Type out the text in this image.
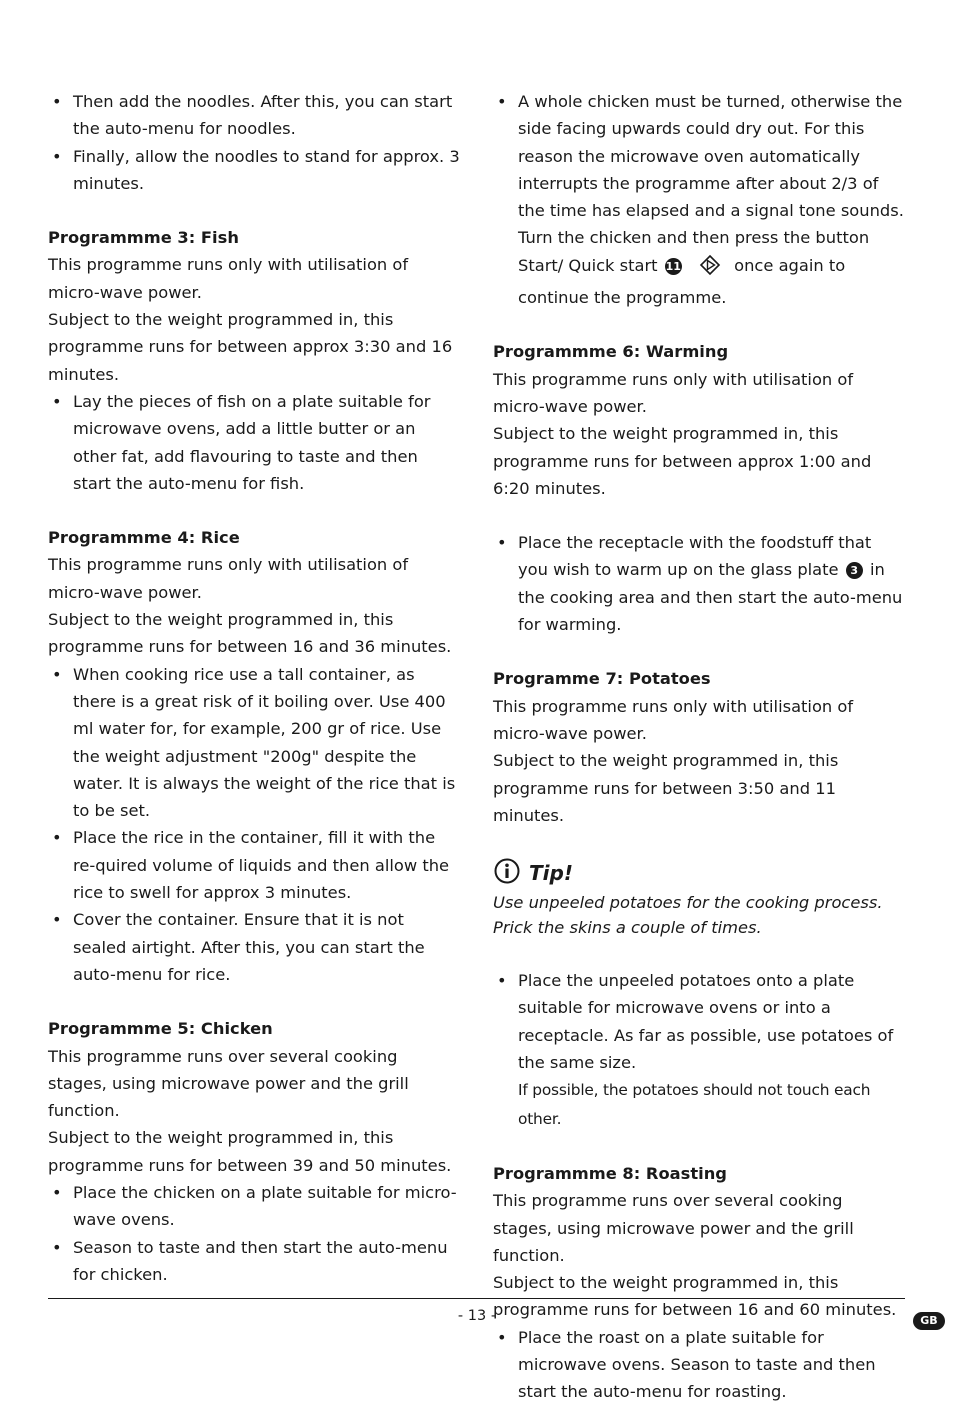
• Then add the noodles. After this, you can start the auto-menu for noodles.
• Finally, allow the noodles to stand for approx. 3 minutes.

Programmme 3: Fish

This programme runs only with utilisation of micro-wave power.

Subject to the weight programmed in, this programme runs for between approx 3:30 and 16 minutes.

• Lay the pieces of fish on a plate suitable for microwave ovens, add a little butter or an other fat, add flavouring to taste and then start the auto-menu for fish.

Programmme 4: Rice

This programme runs only with utilisation of micro-wave power.

Subject to the weight programmed in, this programme runs for between 16 and 36 minutes.

• When cooking rice use a tall container, as there is a great risk of it boiling over. Use 400 ml water for, for example, 200 gr of rice. Use the weight adjustment "200g" despite the water. It is always the weight of the rice that is to be set.
• Place the rice in the container, fill it with the re-quired volume of liquids and then allow the rice to swell for approx 3 minutes.
• Cover the container. Ensure that it is not sealed airtight. After this, you can start the auto-menu for rice.

Programmme 5: Chicken

This programme runs over several cooking stages, using microwave power and the grill function.

Subject to the weight programmed in, this programme runs for between 39 and 50 minutes.

• Place the chicken on a plate suitable for micro-wave ovens.
• Season to taste and then start the auto-menu for chicken.
• A whole chicken must be turned, otherwise the side facing upwards could dry out. For this reason the microwave oven automatically interrupts the programme after about 2/3 of the time has elapsed and a signal tone sounds.
Turn the chicken and then press the button Start/ Quick start 11	once again to continue the programme.

Programmme 6: Warming

This programme runs only with utilisation of micro-wave power.

Subject to the weight programmed in, this programme runs for between approx 1:00 and 6:20 minutes.

• Place the receptacle with the foodstuff that you wish to warm up on the glass plate 3 in the cooking area and then start the auto-menu for warming.

Programme 7: Potatoes

This programme runs only with utilisation of micro-wave power.

Subject to the weight programmed in, this programme runs for between 3:50 and 11 minutes.

Tip!

Use unpeeled potatoes for the cooking process.

Prick the skins a couple of times.

• Place the unpeeled potatoes onto a plate suitable for microwave ovens or into a receptacle. As far as possible, use potatoes of the same size.
If possible, the potatoes should not touch each other.

Programmme 8: Roasting

This programme runs over several cooking stages, using microwave power and the grill function.

Subject to the weight programmed in, this programme runs for between 16 and 60 minutes.

• Place the roast on a plate suitable for microwave ovens. Season to taste and then start the auto-menu for roasting.
- 13 -	GB
